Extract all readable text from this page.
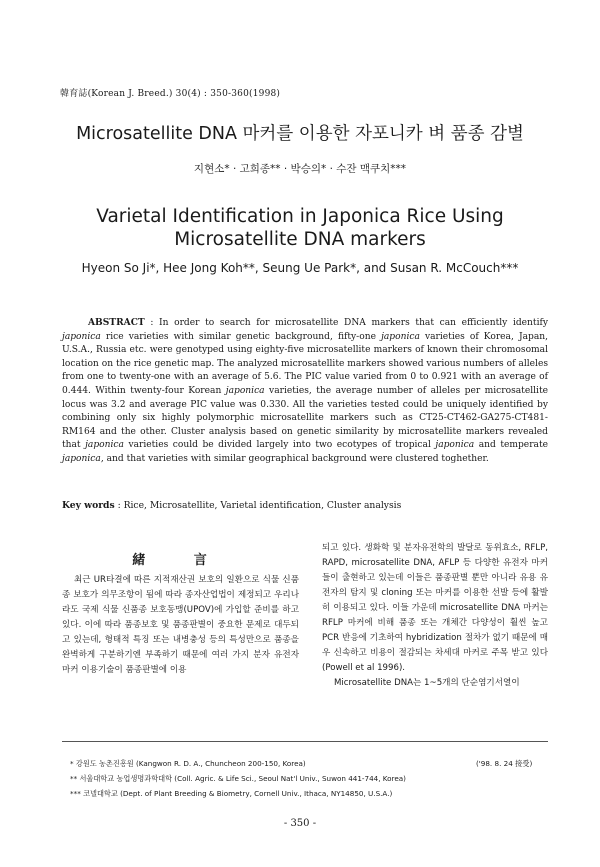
韓育誌(Korean J. Breed.) 30(4) : 350-360(1998)
Microsatellite DNA 마커를 이용한 자포니카 벼 품종 감별
지현소* · 고희종** · 박승의* · 수잔 맥쿠치***
Varietal Identification in Japonica Rice Using
Microsatellite DNA markers
Hyeon So Ji*, Hee Jong Koh**, Seung Ue Park*, and Susan R. McCouch***
ABSTRACT : In order to search for microsatellite DNA markers that can efficiently identify japonica rice varieties with similar genetic background, fifty-one japonica varieties of Korea, Japan, U.S.A., Russia etc. were genotyped using eighty-five microsatellite markers of known their chromosomal location on the rice genetic map. The analyzed microsatellite markers showed various numbers of alleles from one to twenty-one with an average of 5.6. The PIC value varied from 0 to 0.921 with an average of 0.444. Within twenty-four Korean japonica varieties, the average number of alleles per microsatellite locus was 3.2 and average PIC value was 0.330. All the varieties tested could be uniquely identified by combining only six highly polymorphic microsatellite markers such as CT25-CT462-GA275-CT481-RM164 and the other. Cluster analysis based on genetic similarity by microsatellite markers revealed that japonica varieties could be divided largely into two ecotypes of tropical japonica and temperate japonica, and that varieties with similar geographical background were clustered toghether.
Key words : Rice, Microsatellite, Varietal identification, Cluster analysis
緒 言

최근 UR타결에 따른 지적재산권 보호의 일환으로 식물 신품종 보호가 의무조항이 됨에 따라 종자산업법이 제정되고 우리나라도 국제 식물 신품종 보호동맹(UPOV)에 가입할 준비를 하고 있다. 이에 따라 품종보호 및 품종판별이 중요한 문제로 대두되고 있는데, 형태적 특징 또는 내병충성 등의 특성만으로 품종을 완벽하게 구분하기엔 부족하기 때문에 여러 가지 분자 유전자 마커 이용기술이 품종판별에 이용

되고 있다. 생화학 및 분자유전학의 발달로 동위효소, RFLP, RAPD, microsatellite DNA, AFLP 등 다양한 유전자 마커들이 출현하고 있는데 이들은 품종판별 뿐만 아니라 유용 유전자의 탐지 및 cloning 또는 마커를 이용한 선발 등에 활발히 이용되고 있다. 이들 가운데 microsatellite DNA 마커는 RFLP 마커에 비해 품종 또는 개체간 다양성이 훨씬 높고 PCR 반응에 기초하여 hybridization 절차가 없기 때문에 매우 신속하고 비용이 절감되는 차세대 마커로 주목 받고 있다(Powell et al 1996).

Microsatellite DNA는 1~5개의 단순염기서열이

* 강원도 농촌진흥원 (Kangwon R. D. A., Chuncheon 200-150, Korea)	('98. 8. 24 接受)
** 서울대학교 농업생명과학대학 (Coll. Agric. & Life Sci., Seoul Nat'l Univ., Suwon 441-744, Korea)
*** 코넬대학교 (Dept. of Plant Breeding & Biometry, Cornell Univ., Ithaca, NY14850, U.S.A.)
- 350 -
